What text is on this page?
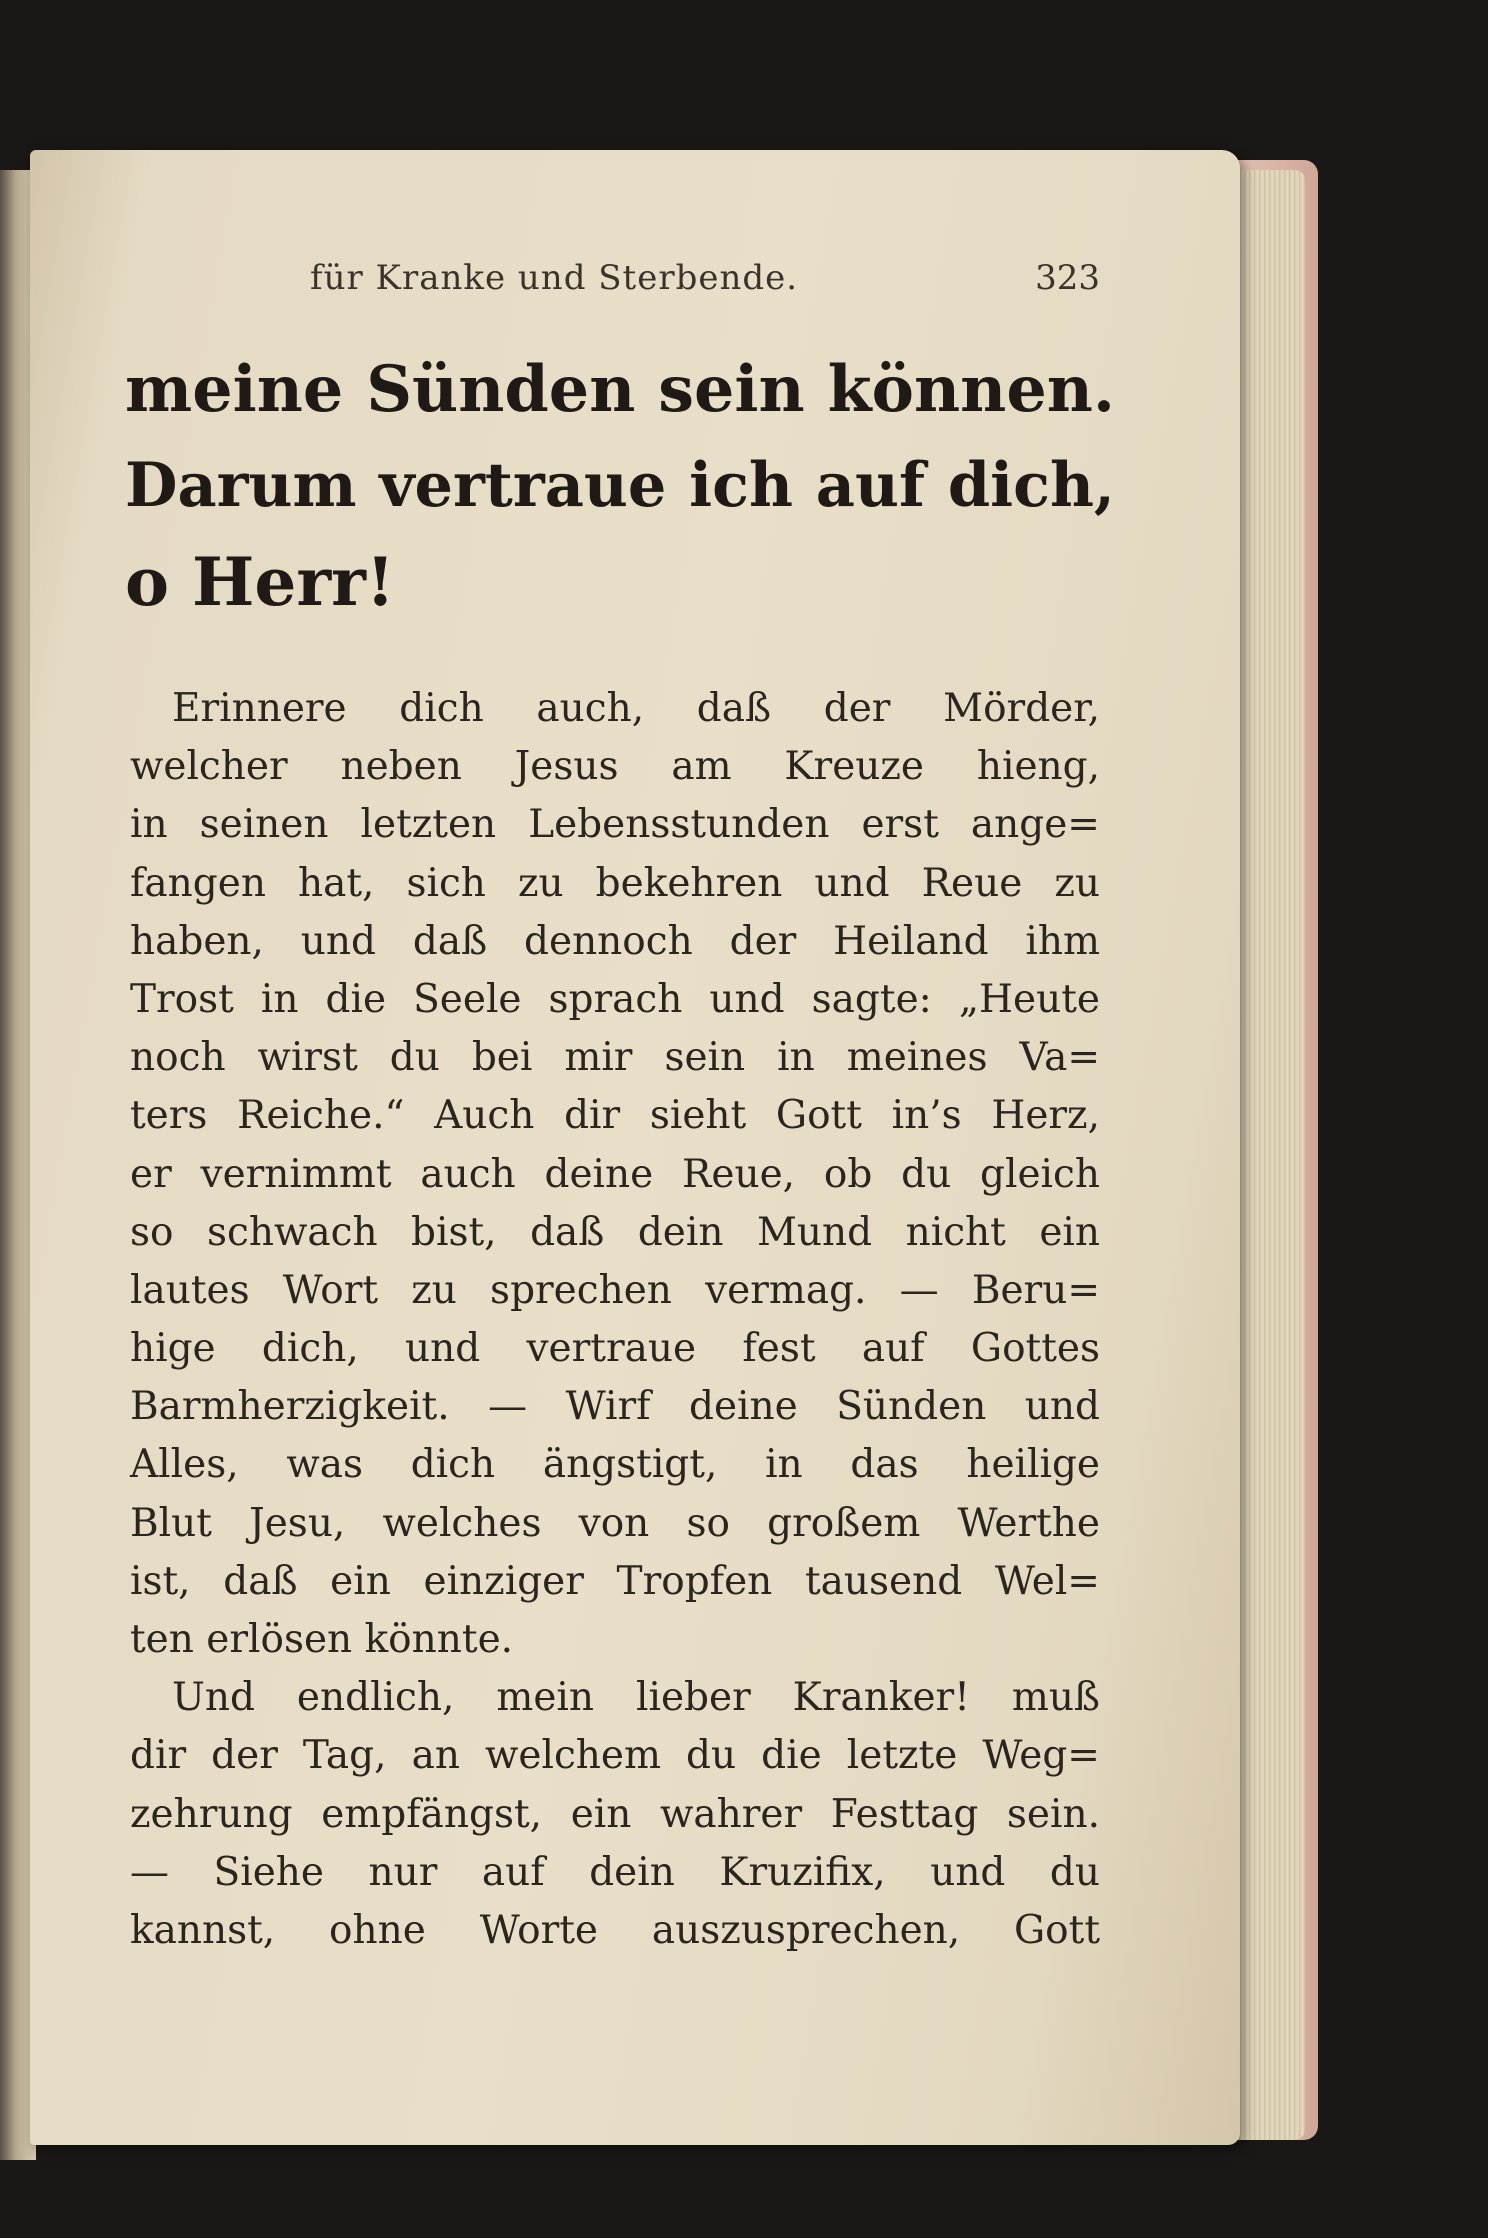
für Kranke und Sterbende.	323
meine Sünden sein können.
Darum vertraue ich auf dich,
o Herr!
Erinnere dich auch, daß der Mörder,
welcher neben Jesus am Kreuze hieng,
in seinen letzten Lebensstunden erst ange=
fangen hat, sich zu bekehren und Reue zu
haben, und daß dennoch der Heiland ihm
Trost in die Seele sprach und sagte: „Heute
noch wirst du bei mir sein in meines Va=
ters Reiche.“ Auch dir sieht Gott in’s Herz,
er vernimmt auch deine Reue, ob du gleich
so schwach bist, daß dein Mund nicht ein
lautes Wort zu sprechen vermag. — Beru=
hige dich, und vertraue fest auf Gottes
Barmherzigkeit. — Wirf deine Sünden und
Alles, was dich ängstigt, in das heilige
Blut Jesu, welches von so großem Werthe
ist, daß ein einziger Tropfen tausend Wel=
ten erlösen könnte.
Und endlich, mein lieber Kranker! muß
dir der Tag, an welchem du die letzte Weg=
zehrung empfängst, ein wahrer Festtag sein.
— Siehe nur auf dein Kruzifix, und du
kannst, ohne Worte auszusprechen, Gott
